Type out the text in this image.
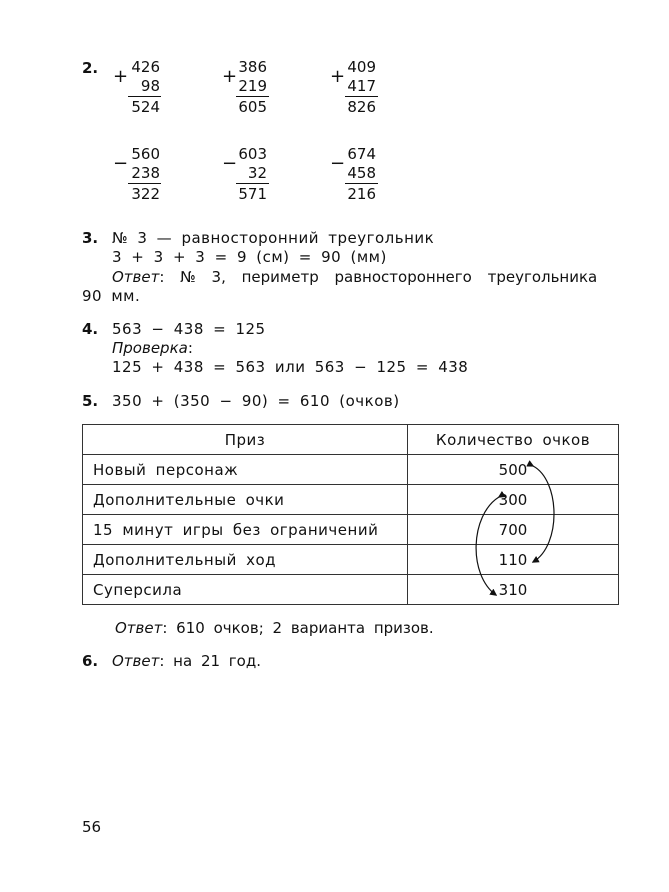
2. + 426
98
524
+ 386
219
605
+ 409
417
826
− 560
238
322
− 603
32
571
− 674
458
216
3. № 3 — равносторонний треугольник
3 + 3 + 3 = 9 (см) = 90 (мм)
Ответ: № 3, периметр равностороннего треугольника
90 мм.
4. 563 − 438 = 125
Проверка:
125 + 438 = 563 или 563 − 125 = 438
5. 350 + (350 − 90) = 610 (очков)
Приз	Количество очков
Новый персонаж	500
Дополнительные очки	300
15 минут игры без ограничений	700
Дополнительный ход	110
Суперсила	310
Ответ: 610 очков; 2 варианта призов.
6. Ответ: на 21 год.
56
